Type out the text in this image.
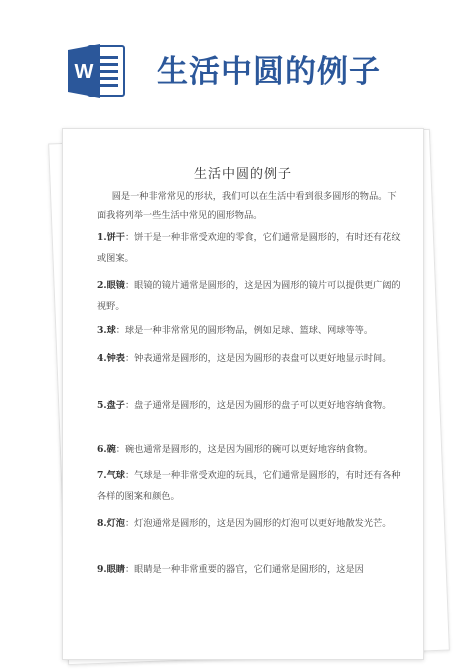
W 生活中圆的例子
生活中圆的例子
圆是一种非常常见的形状，我们可以在生活中看到很多圆形的物品。下面我将列举一些生活中常见的圆形物品。
1.饼干：饼干是一种非常受欢迎的零食，它们通常是圆形的，有时还有花纹或图案。
2.眼镜：眼镜的镜片通常是圆形的，这是因为圆形的镜片可以提供更广阔的视野。
3.球：球是一种非常常见的圆形物品，例如足球、篮球、网球等等。
4.钟表：钟表通常是圆形的，这是因为圆形的表盘可以更好地显示时间。
5.盘子：盘子通常是圆形的，这是因为圆形的盘子可以更好地容纳食物。
6.碗：碗也通常是圆形的，这是因为圆形的碗可以更好地容纳食物。
7.气球：气球是一种非常受欢迎的玩具，它们通常是圆形的，有时还有各种各样的图案和颜色。
8.灯泡：灯泡通常是圆形的，这是因为圆形的灯泡可以更好地散发光芒。
9.眼睛：眼睛是一种非常重要的器官，它们通常是圆形的，这是因
